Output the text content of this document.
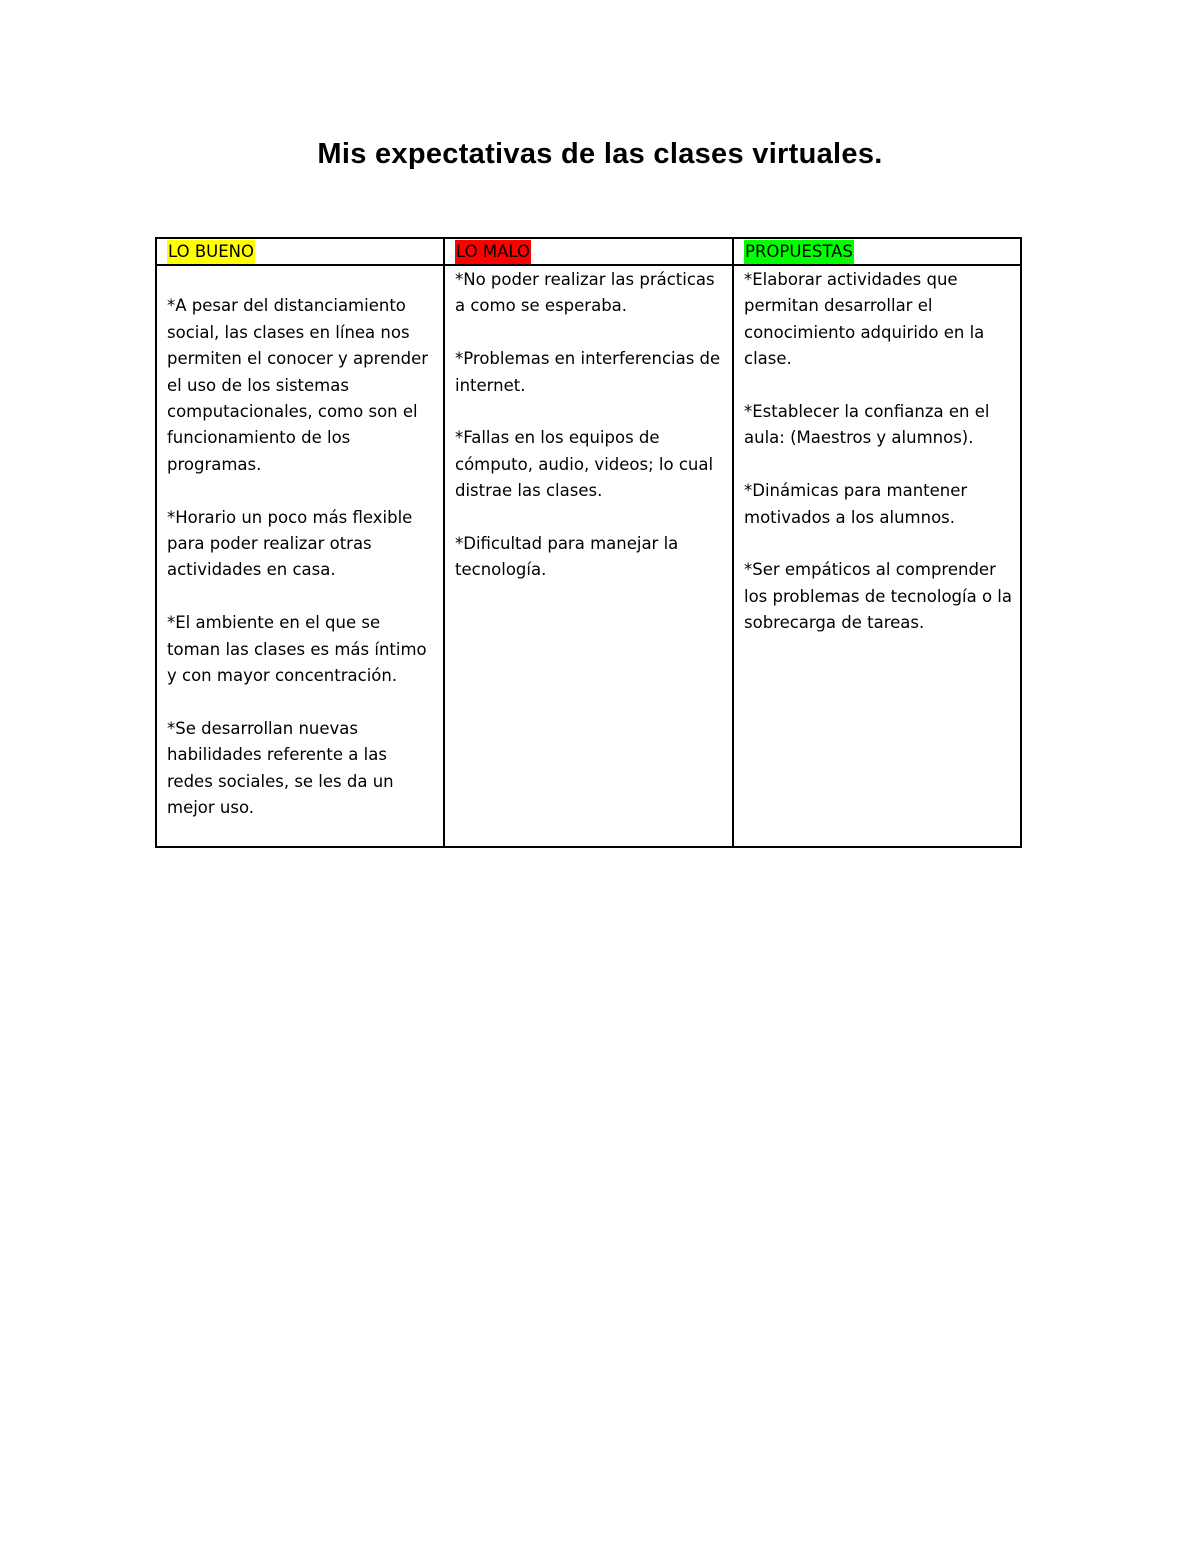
Mis expectativas de las clases virtuales.
LO BUENO	LO MALO	PROPUESTAS

*A pesar del distanciamiento social, las clases en línea nos permiten el conocer y aprender el uso de los sistemas computacionales, como son el funcionamiento de los programas.

*Horario un poco más flexible para poder realizar otras actividades en casa.

*El ambiente en el que se toman las clases es más íntimo y con mayor concentración.

*Se desarrollan nuevas habilidades referente a las redes sociales, se les da un mejor uso.

*No poder realizar las prácticas a como se esperaba.

*Problemas en interferencias de internet.

*Fallas en los equipos de cómputo, audio, videos; lo cual distrae las clases.

*Dificultad para manejar la tecnología.

*Elaborar actividades que permitan desarrollar el conocimiento adquirido en la clase.

*Establecer la confianza en el aula: (Maestros y alumnos).

*Dinámicas para mantener motivados a los alumnos.

*Ser empáticos al comprender los problemas de tecnología o la sobrecarga de tareas.
